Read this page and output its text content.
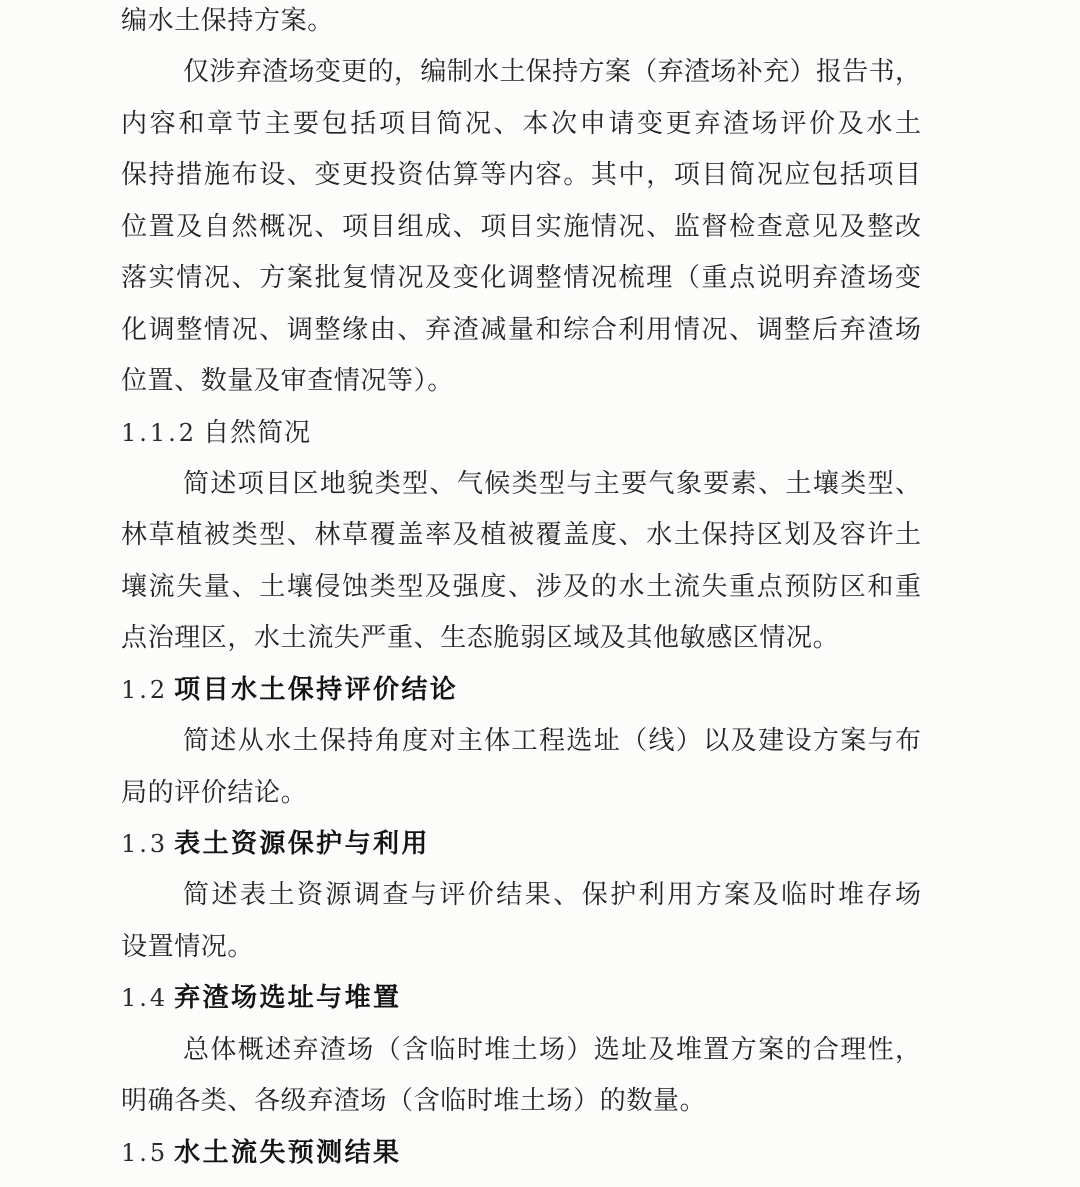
编水土保持方案。
仅涉弃渣场变更的，编制水土保持方案（弃渣场补充）报告书，
内容和章节主要包括项目简况、本次申请变更弃渣场评价及水土
保持措施布设、变更投资估算等内容。其中，项目简况应包括项目
位置及自然概况、项目组成、项目实施情况、监督检查意见及整改
落实情况、方案批复情况及变化调整情况梳理（重点说明弃渣场变
化调整情况、调整缘由、弃渣减量和综合利用情况、调整后弃渣场
位置、数量及审查情况等）。
1.1.2 自然简况
简述项目区地貌类型、气候类型与主要气象要素、土壤类型、
林草植被类型、林草覆盖率及植被覆盖度、水土保持区划及容许土
壤流失量、土壤侵蚀类型及强度、涉及的水土流失重点预防区和重
点治理区，水土流失严重、生态脆弱区域及其他敏感区情况。
1.2 项目水土保持评价结论
简述从水土保持角度对主体工程选址（线）以及建设方案与布
局的评价结论。
1.3 表土资源保护与利用
简述表土资源调查与评价结果、保护利用方案及临时堆存场
设置情况。
1.4 弃渣场选址与堆置
总体概述弃渣场（含临时堆土场）选址及堆置方案的合理性，
明确各类、各级弃渣场（含临时堆土场）的数量。
1.5 水土流失预测结果
